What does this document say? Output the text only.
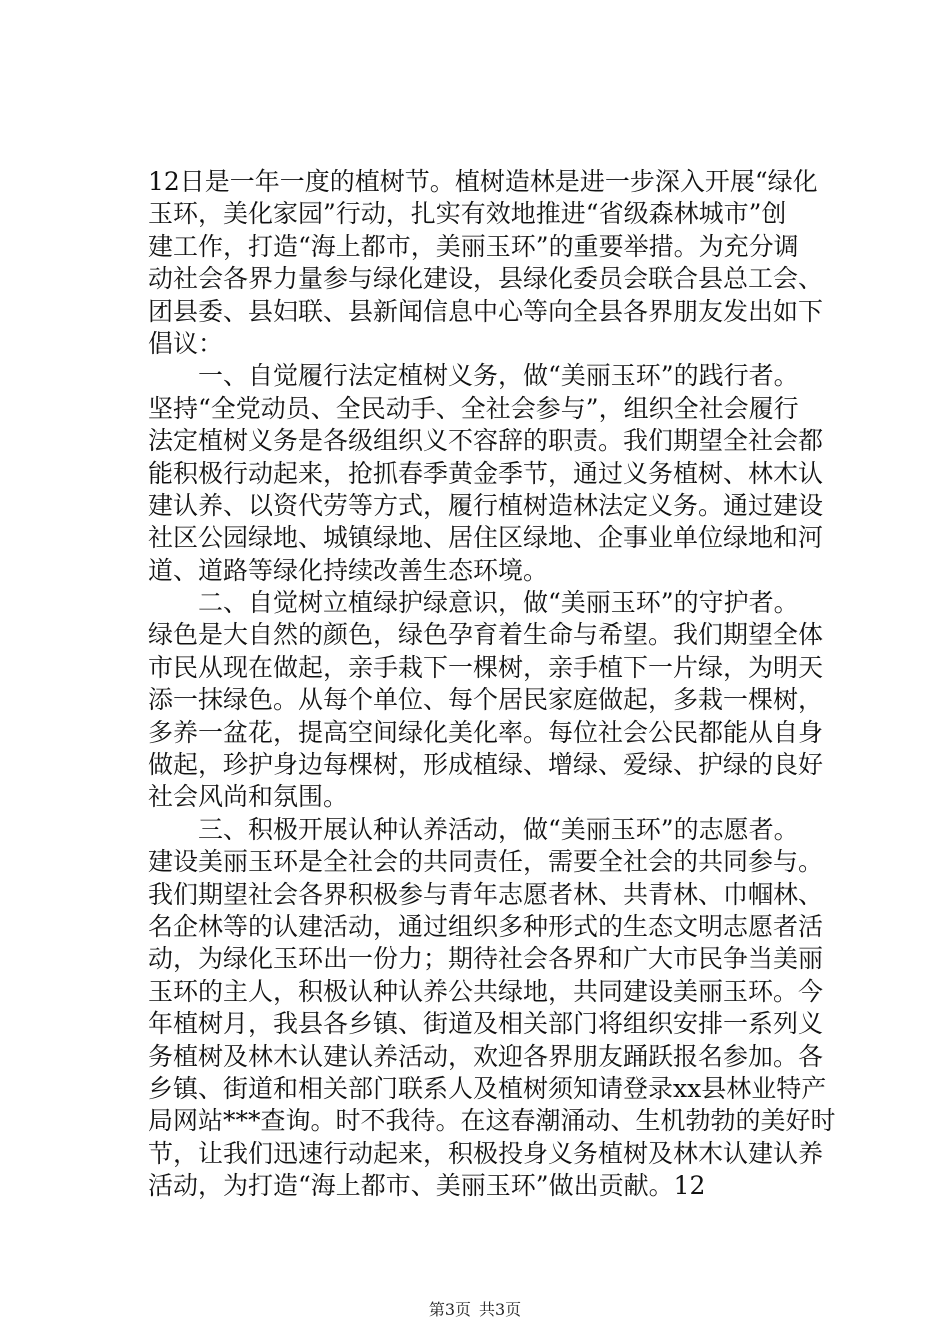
12日是一年一度的植树节。植树造林是进一步深入开展“绿化
玉环，美化家园”行动，扎实有效地推进“省级森林城市”创
建工作，打造“海上都市，美丽玉环”的重要举措。为充分调
动社会各界力量参与绿化建设，县绿化委员会联合县总工会、
团县委、县妇联、县新闻信息中心等向全县各界朋友发出如下
倡议：
　　一、自觉履行法定植树义务，做“美丽玉环”的践行者。
坚持“全党动员、全民动手、全社会参与”，组织全社会履行
法定植树义务是各级组织义不容辞的职责。我们期望全社会都
能积极行动起来，抢抓春季黄金季节，通过义务植树、林木认
建认养、以资代劳等方式，履行植树造林法定义务。通过建设
社区公园绿地、城镇绿地、居住区绿地、企事业单位绿地和河
道、道路等绿化持续改善生态环境。
　　二、自觉树立植绿护绿意识，做“美丽玉环”的守护者。
绿色是大自然的颜色，绿色孕育着生命与希望。我们期望全体
市民从现在做起，亲手栽下一棵树，亲手植下一片绿，为明天
添一抹绿色。从每个单位、每个居民家庭做起，多栽一棵树，
多养一盆花，提高空间绿化美化率。每位社会公民都能从自身
做起，珍护身边每棵树，形成植绿、增绿、爱绿、护绿的良好
社会风尚和氛围。
　　三、积极开展认种认养活动，做“美丽玉环”的志愿者。
建设美丽玉环是全社会的共同责任，需要全社会的共同参与。
我们期望社会各界积极参与青年志愿者林、共青林、巾帼林、
名企林等的认建活动，通过组织多种形式的生态文明志愿者活
动，为绿化玉环出一份力；期待社会各界和广大市民争当美丽
玉环的主人，积极认种认养公共绿地，共同建设美丽玉环。今
年植树月，我县各乡镇、街道及相关部门将组织安排一系列义
务植树及林木认建认养活动，欢迎各界朋友踊跃报名参加。各
乡镇、街道和相关部门联系人及植树须知请登录xx县林业特产
局网站***查询。时不我待。在这春潮涌动、生机勃勃的美好时
节，让我们迅速行动起来，积极投身义务植树及林木认建认养
活动，为打造“海上都市、美丽玉环”做出贡献。12
第3页 共3页
